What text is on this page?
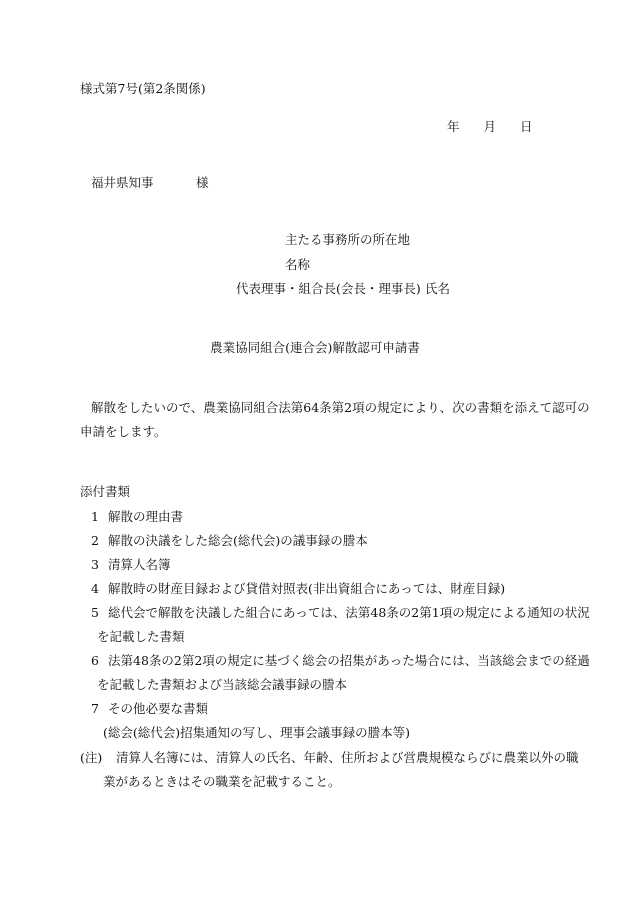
様式第7号(第2条関係)
年 月 日
福井県知事	様
主たる事務所の所在地
名称
代表理事・組合長(会長・理事長) 氏名
農業協同組合(連合会)解散認可申請書
解散をしたいので、農業協同組合法第64条第2項の規定により、次の書類を添えて認可の
申請をします。
添付書類
1 解散の理由書
2 解散の決議をした総会(総代会)の議事録の謄本
3 清算人名簿
4 解散時の財産目録および貸借対照表(非出資組合にあっては、財産目録)
5 総代会で解散を決議した組合にあっては、法第48条の2第1項の規定による通知の状況
を記載した書類
6 法第48条の2第2項の規定に基づく総会の招集があった場合には、当該総会までの経過
を記載した書類および当該総会議事録の謄本
7 その他必要な書類
(総会(総代会)招集通知の写し、理事会議事録の謄本等)
(注) 清算人名簿には、清算人の氏名、年齢、住所および営農規模ならびに農業以外の職
業があるときはその職業を記載すること。
